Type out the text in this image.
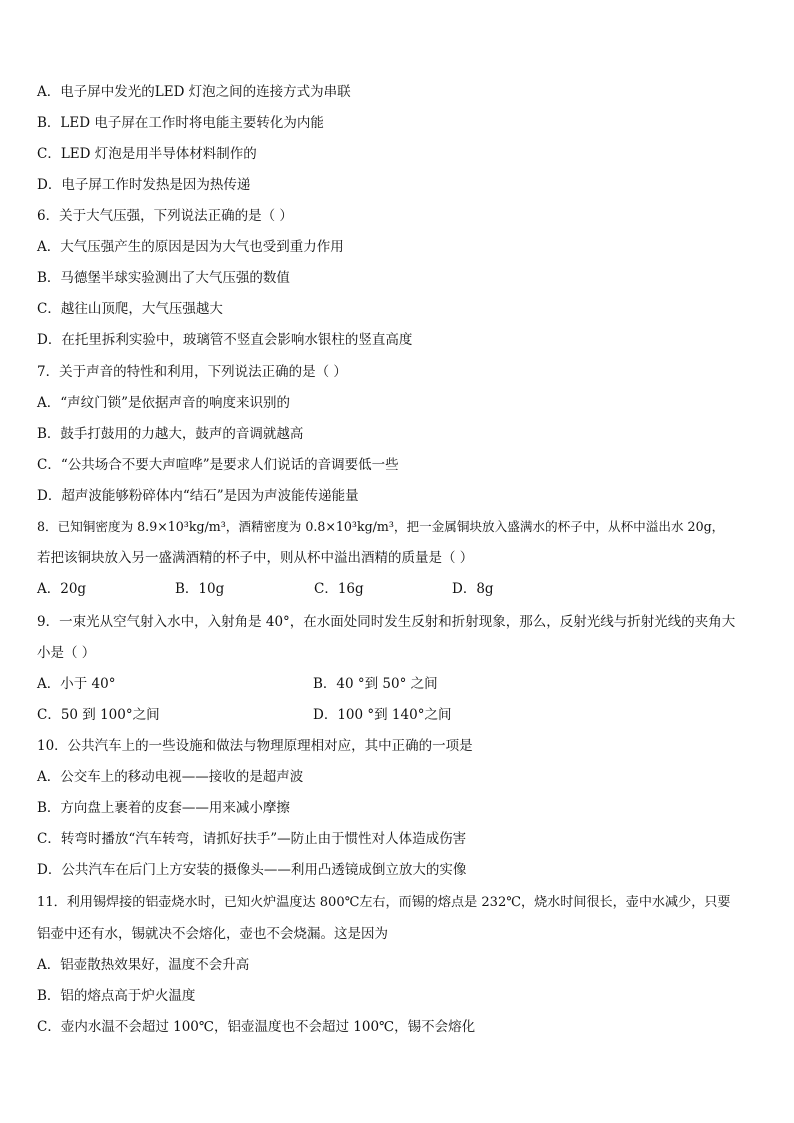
A．电子屏中发光的LED 灯泡之间的连接方式为串联
B．LED 电子屏在工作时将电能主要转化为内能
C．LED 灯泡是用半导体材料制作的
D．电子屏工作时发热是因为热传递
6．关于大气压强，下列说法正确的是（ ）
A．大气压强产生的原因是因为大气也受到重力作用
B．马德堡半球实验测出了大气压强的数值
C．越往山顶爬，大气压强越大
D．在托里拆利实验中，玻璃管不竖直会影响水银柱的竖直高度
7．关于声音的特性和利用，下列说法正确的是（ ）
A．“声纹门锁”是依据声音的响度来识别的
B．鼓手打鼓用的力越大，鼓声的音调就越高
C．“公共场合不要大声喧哗”是要求人们说话的音调要低一些
D．超声波能够粉碎体内“结石”是因为声波能传递能量
8．已知铜密度为 8.9×10³kg/m³，酒精密度为 0.8×10³kg/m³，把一金属铜块放入盛满水的杯子中，从杯中溢出水 20g，
若把该铜块放入另一盛满酒精的杯子中，则从杯中溢出酒精的质量是（ ）
A．20g	B．10g	C．16g	D．8g
9．一束光从空气射入水中，入射角是 40°，在水面处同时发生反射和折射现象，那么，反射光线与折射光线的夹角大
小是（ ）
A．小于 40°	B．40 °到 50° 之间
C．50 到 100°之间	D．100 °到 140°之间
10．公共汽车上的一些设施和做法与物理原理相对应，其中正确的一项是
A．公交车上的移动电视——接收的是超声波
B．方向盘上裹着的皮套——用来减小摩擦
C．转弯时播放“汽车转弯，请抓好扶手”—防止由于惯性对人体造成伤害
D．公共汽车在后门上方安装的摄像头——利用凸透镜成倒立放大的实像
11．利用锡焊接的铝壶烧水时，已知火炉温度达 800℃左右，而锡的熔点是 232℃，烧水时间很长，壶中水减少，只要
铝壶中还有水，锡就决不会熔化，壶也不会烧漏。这是因为
A．铝壶散热效果好，温度不会升高
B．铝的熔点高于炉火温度
C．壶内水温不会超过 100℃，铝壶温度也不会超过 100℃，锡不会熔化
